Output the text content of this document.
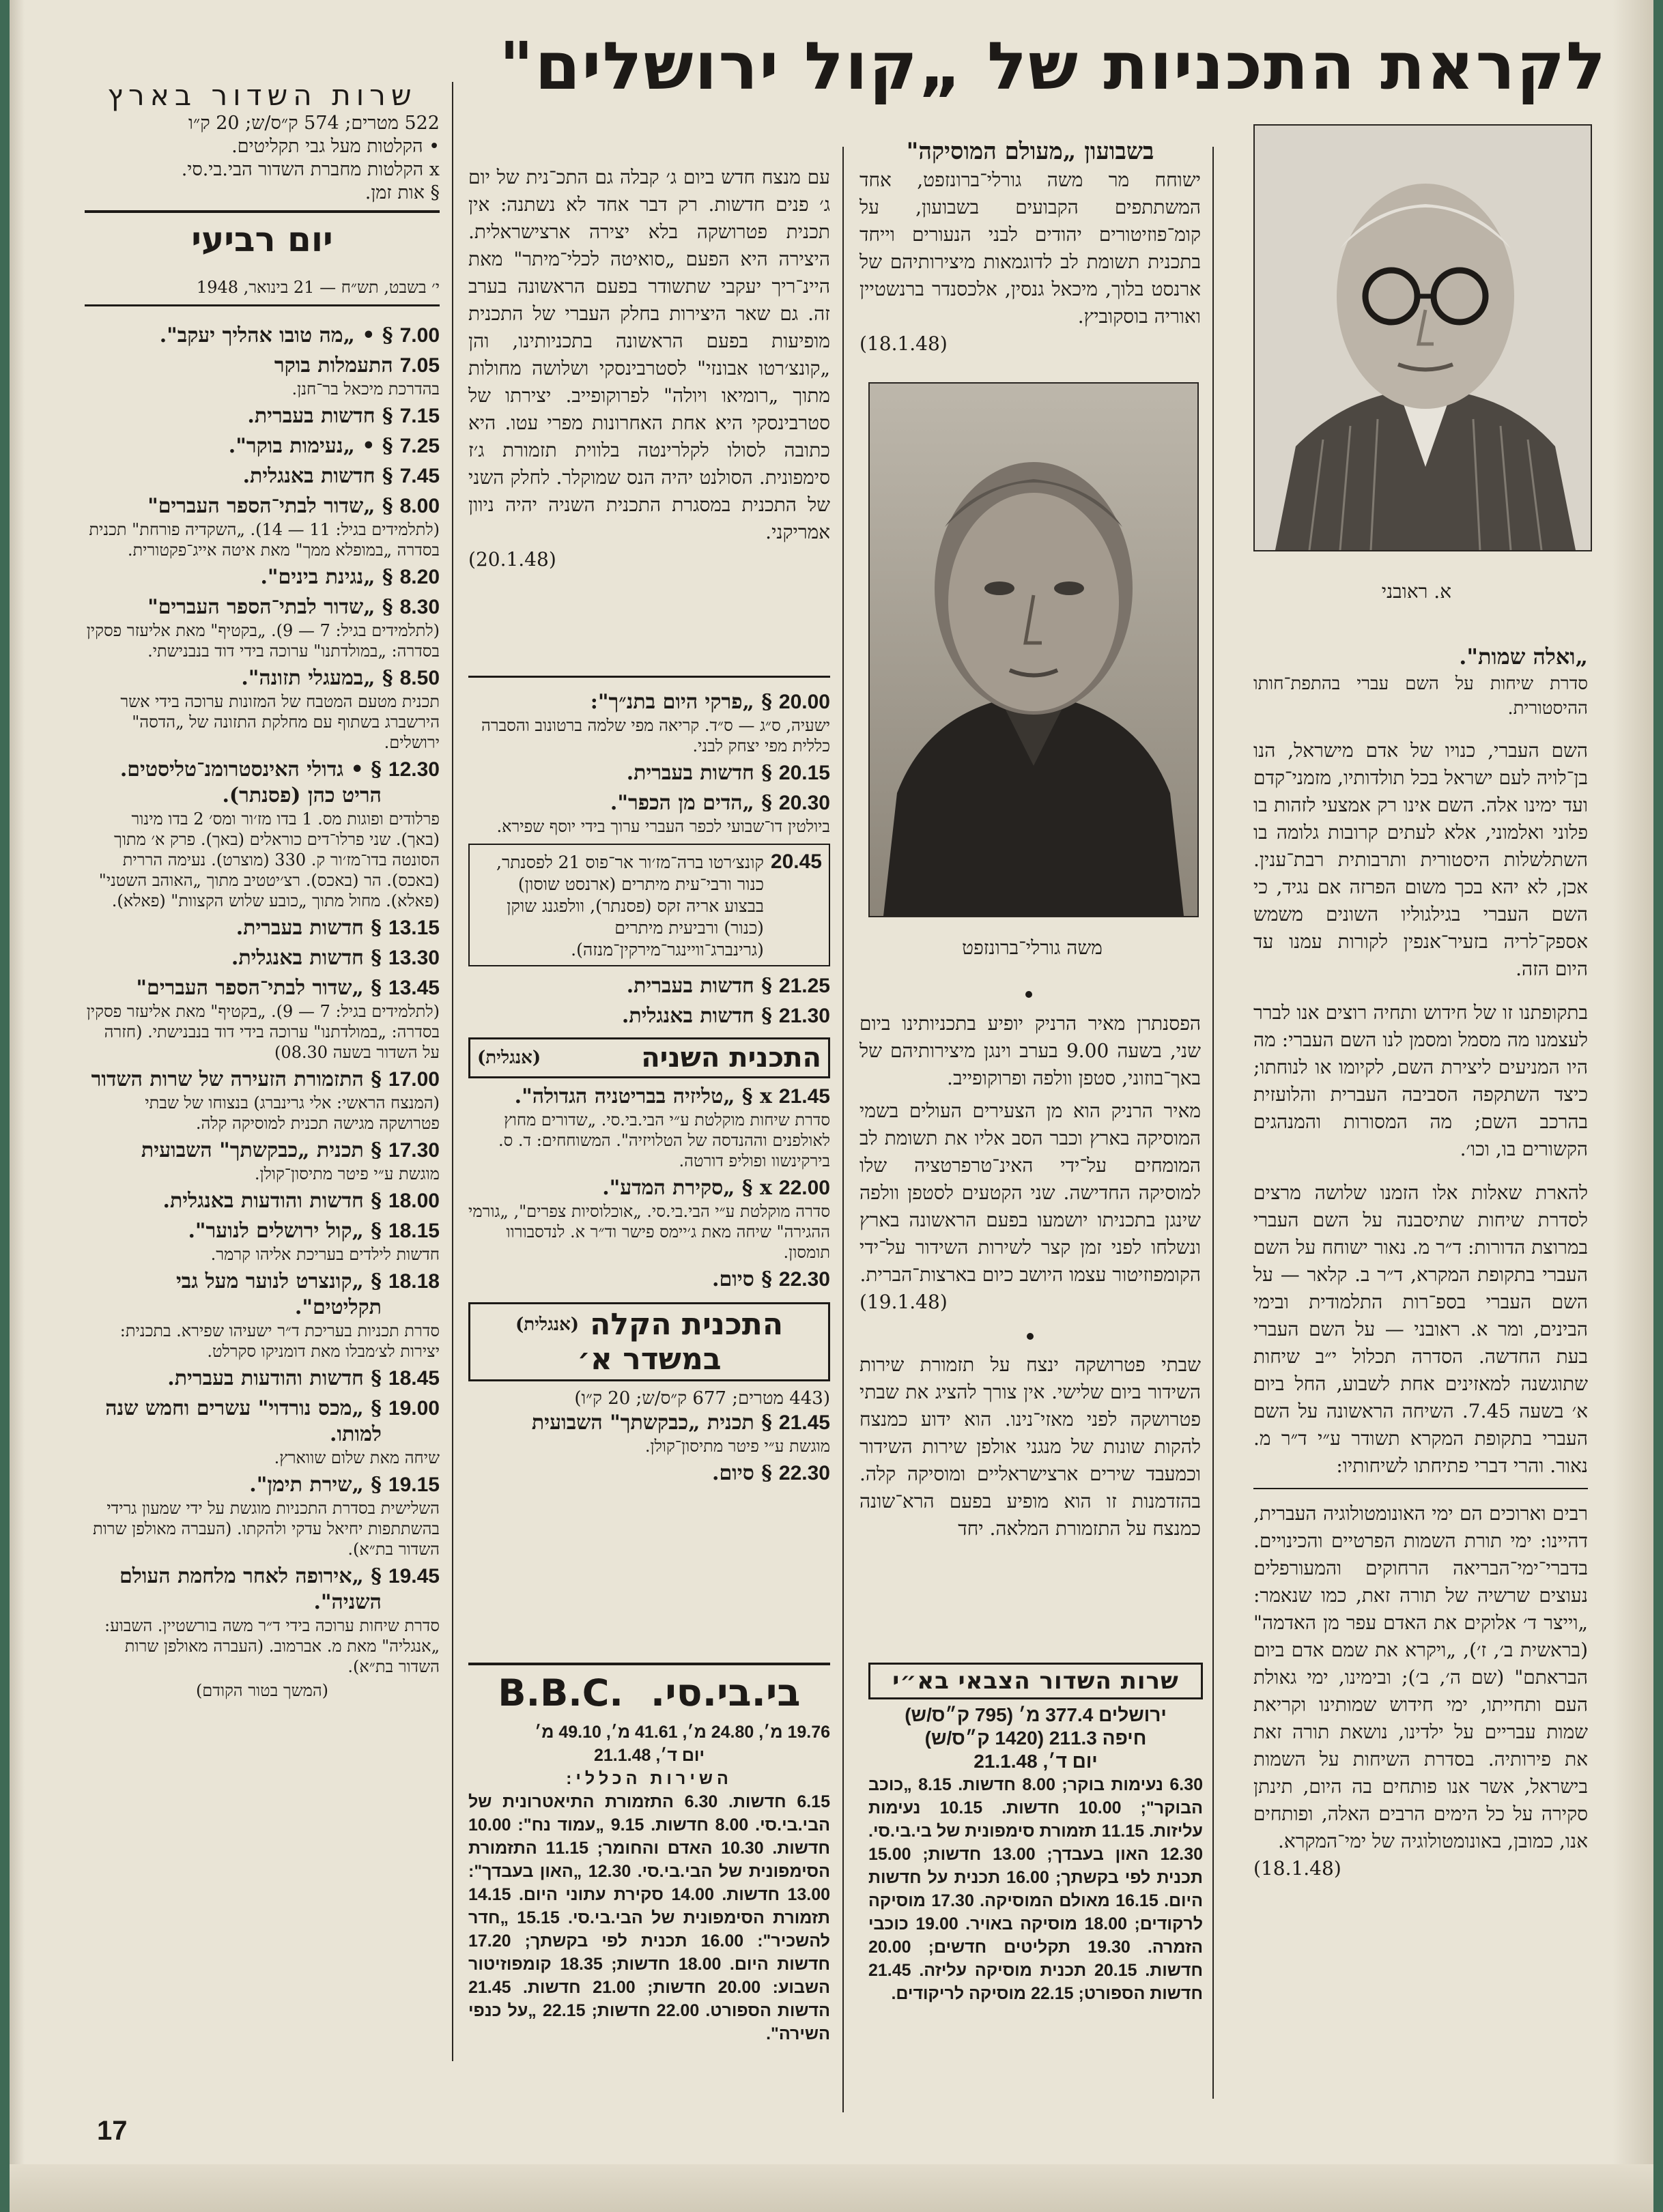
לקראת התכניות של „קול ירושלים"
שרות השדור בארץ
522 מטרים; 574 ק״ס/ש; 20 ק״ו
• הקלטות מעל גבי תקליטים.
x הקלטות מחברת השדור הבי.בי.סי.
§ אות זמן.
יום רביעי
י׳ בשבט, תש״ח — 21 בינואר, 1948
7.00
§ • „מה טובו אהליך יעקב".
7.05
התעמלות בוקר
בהדרכת מיכאל בר־חנן.
7.15
§ חדשות בעברית.
7.25
§ • „נעימות בוקר".
7.45
§ חדשות באנגלית.
8.00
§ „שדור לבתי־הספר העברים"
(לתלמידים בגיל: 11 — 14). „השקדיה פורחת" תכנית בסדרה „במופלא ממך" מאת איטה אייג־פקטורית.
8.20
§ „נגינת בינים".
8.30
§ „שדור לבתי־הספר העברים"
(לתלמידים בגיל: 7 — 9). „בקטיף" מאת אליעזר פסקין בסדרה: „במולדתנו" ערוכה בידי דוד בנבנישתי.
8.50
§ „במעגלי תזונה".
תכנית מטעם המטבח של המזונות ערוכה בידי אשר הירשברג בשתוף עם מחלקת התזונה של „הדסה" ירושלים.
12.30
§ • גדולי האינסטרומנ־טליסטים. הריט כהן (פסנתר).
פרלודים ופוגות מס. 1 בדו מז׳ור ומס׳ 2 בדו מינור (באך). שני פרלו־דים כוראלים (באך). פרק א׳ מתוך הסונטה בדו־מז׳ור ק. 330 (מוצרט). נעימה הררית (באכס). הר (באכס). רצ׳יטטיב מתוך „האוהב השטני" (פאלא). מחול מתוך „כובע שלוש הקצוות" (פאלא).
13.15
§ חדשות בעברית.
13.30
§ חדשות באנגלית.
13.45
§ „שדור לבתי־הספר העברים"
(לתלמידים בגיל: 7 — 9). „בקטיף" מאת אליעזר פסקין בסדרה: „במולדתנו" ערוכה בידי דוד בנבנישתי. (חזרה על השדור בשעה 08.30)
17.00
§ התזמורת הזעירה של שרות השדור
(המנצח הראשי: אלי גרינברג) בנצוחו של שבתי פטרושקה מגישה תכנית למוסיקה קלה.
17.30
§ תכנית „כבקשתך" השבועית
מוגשת ע״י פיטר מתיסון־קולן.
18.00
§ חדשות והודעות באנגלית.
18.15
§ „קול ירושלים לנוער".
חדשות לילדים בעריכת אליהו קרמר.
18.18
§ „קונצרט לנוער מעל גבי תקליטים".
סדרת תכניות בעריכת ד״ר ישעיהו שפירא. בתכנית: יצירות לצ׳מבלו מאת דומניקו סקרלט.
18.45
§ חדשות והודעות בעברית.
19.00
§ „מכס נורדוי" עשרים וחמש שנה למותו.
שיחה מאת שלום שווארץ.
19.15
§ „שירת תימן".
השלישית בסדרת התכניות מוגשת על ידי שמעון גרידי בהשתתפות יחיאל עדקי ולהקתו. (העברה מאולפן שרות השדור בת״א).
19.45
§ „אירופה לאחר מלחמת העולם השניה".
סדרת שיחות ערוכה בידי ד״ר משה בורשטיין. השבוע: „אנגליה" מאת מ. אברמוב. (העברה מאולפן שרות השדור בת״א).
(המשך בטור הקודם)
עם מנצח חדש ביום ג׳ קבלה גם התכ־נית של יום ג׳ פנים חדשות. רק דבר אחד לא נשתנה: אין תכנית פטרושקה בלא יצירה ארצישראלית. היצירה היא הפעם „סואיטה לכלי־מיתר" מאת היינ־ריך יעקבי שתשודר בפעם הראשונה בערב זה. גם שאר היצירות בחלק העברי של התכנית מופיעות בפעם הראשונה בתכניותינו, והן „קונצ׳רטו אבונזי" לסטרבינסקי ושלושה מחולות מתוך „רומיאו ויולה" לפרוקופייב. יצירתו של סטרבינסקי היא אחת האחרונות מפרי עטו. היא כתובה לסולו לקלרינטה בלווית תזמורת ג׳ז סימפונית. הסולנט יהיה הנס שמוקלר. לחלק השני של התכנית במסגרת התכנית השניה יהיה ניוון אמריקני.
(20.1.48)
20.00
§ „פרקי היום בתנ״ך":
ישעיה, ס״ג — ס״ד. קריאה מפי שלמה ברטונוב והסברה כללית מפי יצחק לבני.
20.15
§ חדשות בעברית.
20.30
§ „הדים מן הכפר".
ביולטין דו־שבועי לכפר העברי ערוך בידי יוסף שפירא.
20.45
קונצ׳רטו ברה־מז׳ור אר־פוס 21 לפסנתר, כנור ורבי־עית מיתרים (ארנסט שוסון) בבצוע אריה זקס (פסנתר), וולפגנג שוקן (כנור) ורביעית מיתרים (גרינברג־וויינגר־מירקין־מנזה).
21.25
§ חדשות בעברית.
21.30
§ חדשות באנגלית.
התכנית השניה
(אנגלית)
21.45
x § „טליזיה בבריטניה הגדולה".
סדרת שיחות מוקלטת ע״י הבי.בי.סי. „שדורים מחוץ לאולפנים וההנדסה של הטלויזיה". המשוחחים: ד. ס. בירקינשוו ופוליפ דורטה.
22.00
x § „סקירת המדע".
סדרה מוקלטת ע״י הבי.בי.סי. „אוכלוסיות צפרים", „גורמי ההגירה" שיחה מאת ג׳יימס פישר וד״ר א. לנדסבורוו תומסון.
22.30
§ סיום.
התכנית הקלה
(אנגלית)
במשדר א׳
(443 מטרים; 677 ק״ס/ש; 20 ק״ו)
21.45
§ תכנית „כבקשתך" השבועית
מוגשת ע״י פיטר מתיסון־קולן.
22.30
§ סיום.
בשבועון „מעולם המוסיקה"
ישוחח מר משה גורלי־ברונזפט, אחד המשתתפים הקבועים בשבועון, על קומ־פוזיטורים יהודים לבני הנעורים וייחד בתכנית תשומת לב לדוגמאות מיצירותיהם של ארנסט בלוך, מיכאל גנסין, אלכסנדר ברנשטיין ואוריה בוסקוביץ.
(18.1.48)
משה גורלי־ברונזפט
הפסנתרן מאיר הרניק יופיע בתכניותינו ביום שני, בשעה 9.00 בערב וינגן מיצירותיהם של באך־בוזוני, סטפן וולפה ופרוקופייב.
מאיר הרניק הוא מן הצעירים העולים בשמי המוסיקה בארץ וכבר הסב אליו את תשומת לב המומחים על־ידי האינ־טרפרטציה שלו למוסיקה החדישה. שני הקטעים לסטפן וולפה שינגן בתכניתו יושמעו בפעם הראשונה בארץ ונשלחו לפני זמן קצר לשירות השידור על־ידי הקומפוזיטור עצמו היושב כיום בארצות־הברית.
(19.1.48)
שבתי פטרושקה ינצח על תזמורת שירות השידור ביום שלישי. אין צורך להציג את שבתי פטרושקה לפני מאזי־נינו. הוא ידוע כמנצח להקות שונות של מנגני אולפן שירות השידור וכמעבד שירים ארצישראליים ומוסיקה קלה. בהזדמנות זו הוא מופיע בפעם הרא־שונה כמנצח על התזמורת המלאה. יחד
א. ראובני
„ואלה שמות".
סדרת שיחות על השם עברי בהתפת־חותו ההיסטורית.
השם העברי, כנויו של אדם מישראל, הנו בן־לויה לעם ישראל בכל תולדותיו, מזמני־קדם ועד ימינו אלה. השם אינו רק אמצעי לזהות בו פלוני ואלמוני, אלא לעתים קרובות גלומה בו השתלשלות היסטורית ותרבותית רבת־ענין. אכן, לא יהא בכך משום הפרזה אם נגיד, כי השם העברי בגילגוליו השונים משמש אספק־לריה בזעיר־אנפין לקורות עמנו עד היום הזה.
בתקופתנו זו של חידוש ותחיה רוצים אנו לברר לעצמנו מה מסמל ומסמן לנו השם העברי: מה היו המניעים ליצירת השם, לקיומו או לנוחתו; כיצד השתקפה הסביבה העברית והלועזית בהרכב השם; מה המסורות והמנהגים הקשורים בו, וכו׳.
להארת שאלות אלו הזמנו שלושה מרצים לסדרת שיחות שתיסבנה על השם העברי במרוצת הדורות: ד״ר מ. נאור ישוחח על השם העברי בתקופת המקרא, ד״ר ב. קלאר — על השם העברי בספ־רות התלמודית ובימי הבינים, ומר א. ראובני — על השם העברי בעת החדשה. הסדרה תכלול י״ב שיחות שתוגשנה למאזינים אחת לשבוע, החל ביום א׳ בשעה 7.45. השיחה הראשונה על השם העברי בתקופת המקרא תשודר ע״י ד״ר מ. נאור. והרי דברי פתיחתו לשיחותיו:
רבים וארוכים הם ימי האונומטולוגיה העברית, דהיינו: ימי תורת השמות הפרטיים והכינויים. בדברי־ימי־הבריאה הרחוקים והמעורפלים נעוצים שרשיה של תורה זאת, כמו שנאמר: „וייצר ד׳ אלוקים את האדם עפר מן האדמה" (בראשית ב׳, ז׳), „ויקרא את שמם אדם ביום הבראתם" (שם ה׳, ב׳); ובימינו, ימי גאולת העם ותחייתו, ימי חידוש שמותינו וקריאת שמות עבריים על ילדינו, נושאת תורה זאת את פירותיה. בסדרת השיחות על השמות בישראל, אשר אנו פותחים בה היום, תינתן סקירה על כל הימים הרבים האלה, ופותחים אנו, כמובן, באונומטולוגיה של ימי־המקרא.
(18.1.48)
בי.בי.סי.
B.B.C.
19.76 מ׳, 24.80 מ׳, 41.61 מ׳, 49.10 מ׳
יום ד׳, 21.1.48
השירות הכללי:
6.15 חדשות. 6.30 התזמורת התיאטרונית של הבי.בי.סי. 8.00 חדשות. 9.15 „עמוד נח": 10.00 חדשות. 10.30 האדם והחומר; 11.15 התזמורת הסימפונית של הבי.בי.סי. 12.30 „האון בעבדך": 13.00 חדשות. 14.00 סקירת עתוני היום. 14.15 תזמורת הסימפונית של הבי.בי.סי. 15.15 „חדר להשכיר": 16.00 תכנית לפי בקשתך; 17.20 חדשות היום. 18.00 חדשות; 18.35 קומפוזיטור השבוע: 20.00 חדשות; 21.00 חדשות. 21.45 הדשות הספורט. 22.00 חדשות; 22.15 „על כנפי השירה".
שרות השדור הצבאי בא״י
ירושלים 377.4 מ׳ (795 ק״ס/ש)
חיפה 211.3 (1420 ק״ס/ש)
יום ד׳, 21.1.48
6.30 נעימות בוקר; 8.00 חדשות. 8.15 „כוכב הבוקר"; 10.00 חדשות. 10.15 נעימות עליזות. 11.15 תזמורת סימפונית של בי.בי.סי. 12.30 האון בעבדך; 13.00 חדשות; 15.00 תכנית לפי בקשתך; 16.00 תכנית על חדשות היום. 16.15 מאולם המוסיקה. 17.30 מוסיקה לרקודים; 18.00 מוסיקה באויר. 19.00 כוכבי הזמרה. 19.30 תקליטים חדשים; 20.00 חדשות. 20.15 תכנית מוסיקה עליזה. 21.45 חדשות הספורט; 22.15 מוסיקה לריקודים.
17
